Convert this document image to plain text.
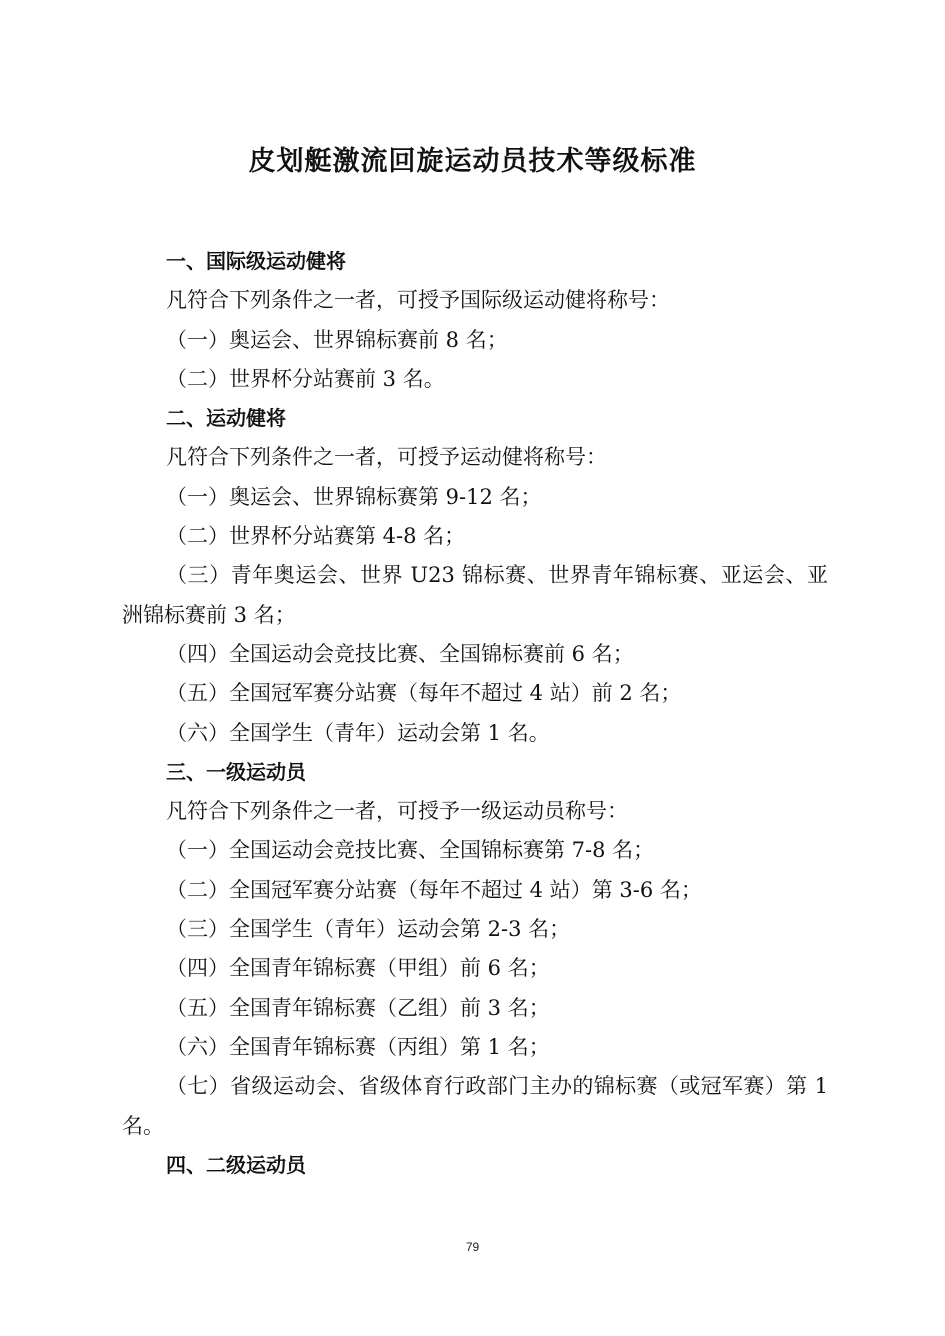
皮划艇激流回旋运动员技术等级标准
一、国际级运动健将
凡符合下列条件之一者，可授予国际级运动健将称号：
（一）奥运会、世界锦标赛前 8 名；
（二）世界杯分站赛前 3 名。
二、运动健将
凡符合下列条件之一者，可授予运动健将称号：
（一）奥运会、世界锦标赛第 9-12 名；
（二）世界杯分站赛第 4-8 名；
（三）青年奥运会、世界 U23 锦标赛、世界青年锦标赛、亚运会、亚洲锦标赛前 3 名；
（四）全国运动会竞技比赛、全国锦标赛前 6 名；
（五）全国冠军赛分站赛（每年不超过 4 站）前 2 名；
（六）全国学生（青年）运动会第 1 名。
三、一级运动员
凡符合下列条件之一者，可授予一级运动员称号：
（一）全国运动会竞技比赛、全国锦标赛第 7-8 名；
（二）全国冠军赛分站赛（每年不超过 4 站）第 3-6 名；
（三）全国学生（青年）运动会第 2-3 名；
（四）全国青年锦标赛（甲组）前 6 名；
（五）全国青年锦标赛（乙组）前 3 名；
（六）全国青年锦标赛（丙组）第 1 名；
（七）省级运动会、省级体育行政部门主办的锦标赛（或冠军赛）第 1 名。
四、二级运动员
79
